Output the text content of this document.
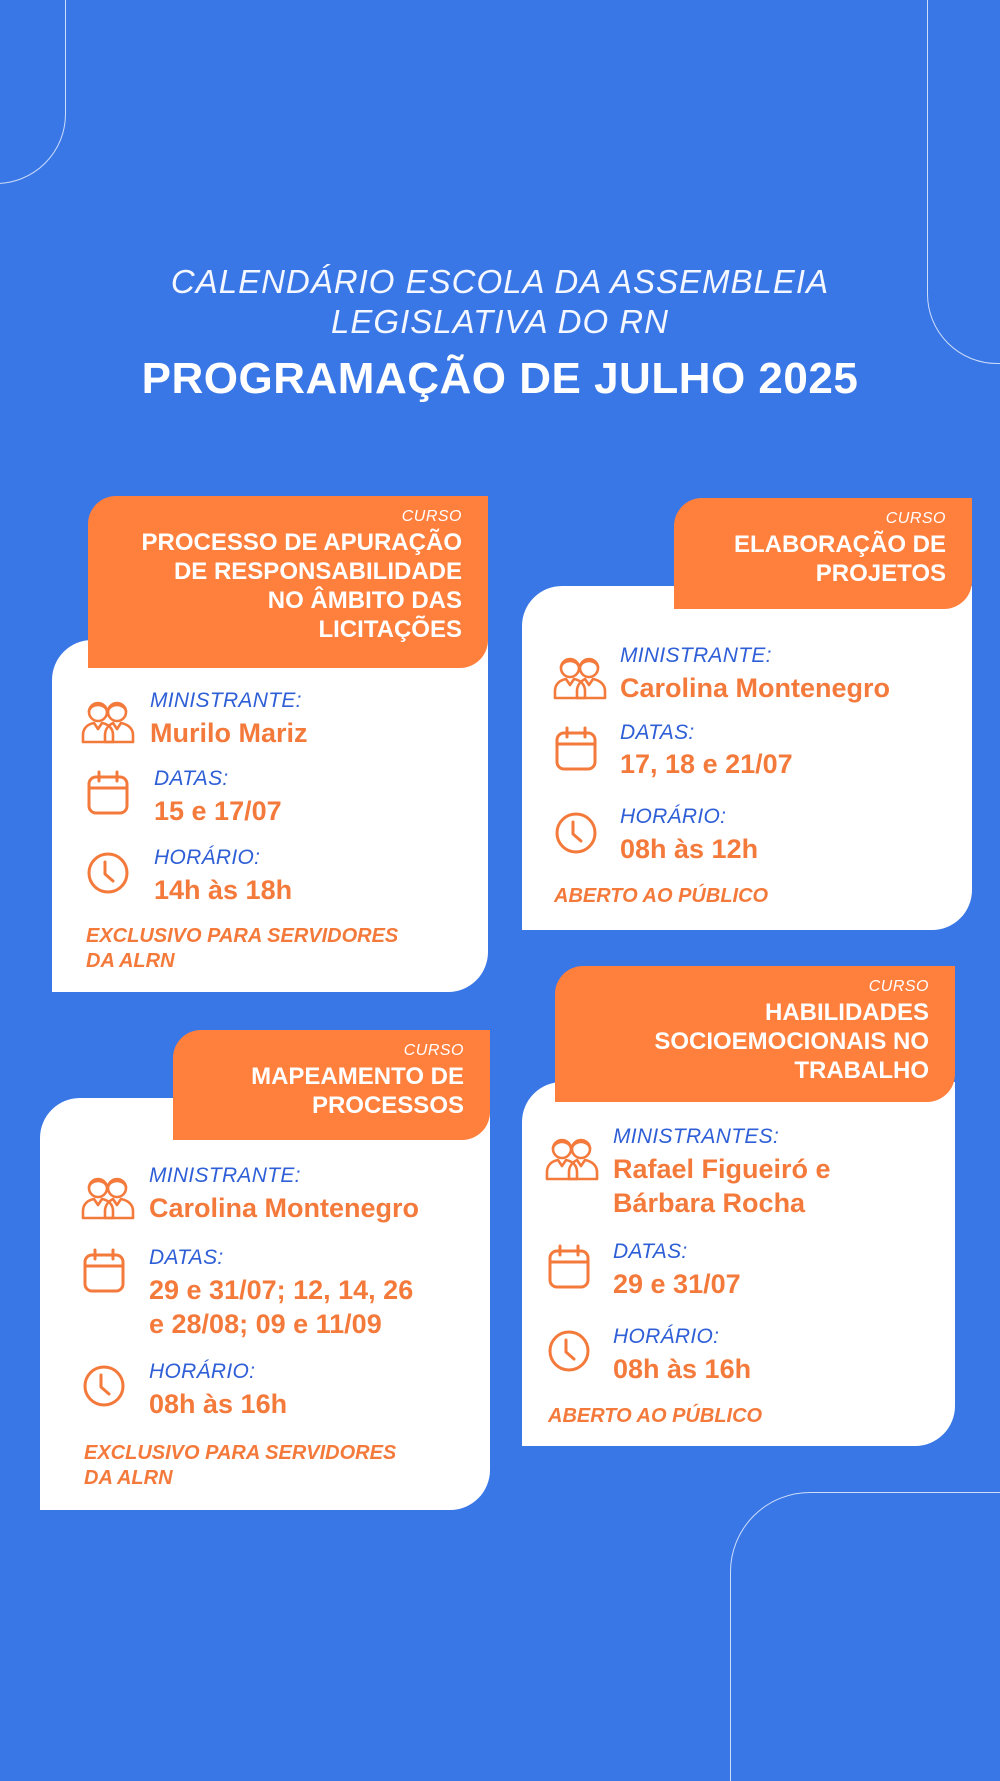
CALENDÁRIO ESCOLA DA ASSEMBLEIA
LEGISLATIVA DO RN
PROGRAMAÇÃO DE JULHO 2025
CURSO
PROCESSO DE APURAÇÃO
DE RESPONSABILIDADE
NO ÂMBITO DAS
LICITAÇÕES
MINISTRANTE:
Murilo Mariz
DATAS:
15 e 17/07
HORÁRIO:
14h às 18h
EXCLUSIVO PARA SERVIDORES
DA ALRN
CURSO
ELABORAÇÃO DE
PROJETOS
MINISTRANTE:
Carolina Montenegro
DATAS:
17, 18 e 21/07
HORÁRIO:
08h às 12h
ABERTO AO PÚBLICO
CURSO
MAPEAMENTO DE
PROCESSOS
MINISTRANTE:
Carolina Montenegro
DATAS:
29 e 31/07; 12, 14, 26
e 28/08; 09 e 11/09
HORÁRIO:
08h às 16h
EXCLUSIVO PARA SERVIDORES
DA ALRN
CURSO
HABILIDADES
SOCIOEMOCIONAIS NO
TRABALHO
MINISTRANTES:
Rafael Figueiró e
Bárbara Rocha
DATAS:
29 e 31/07
HORÁRIO:
08h às 16h
ABERTO AO PÚBLICO
